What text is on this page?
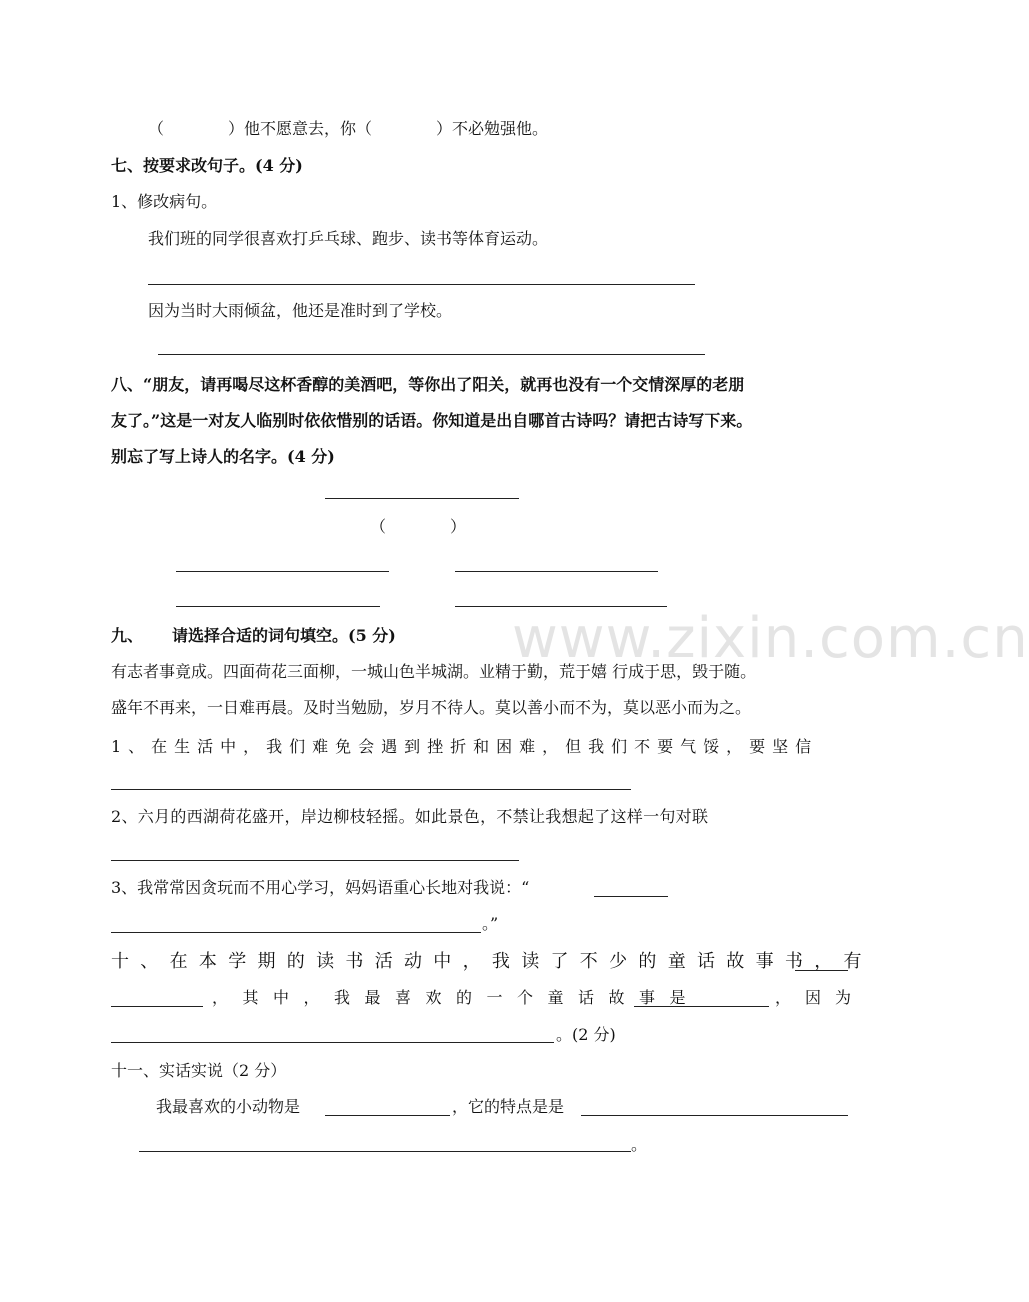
（　　　　）他不愿意去，你（　　　　）不必勉强他。
七、按要求改句子。(4 分)
1、修改病句。
我们班的同学很喜欢打乒乓球、跑步、读书等体育运动。
因为当时大雨倾盆，他还是准时到了学校。
八、“朋友，请再喝尽这杯香醇的美酒吧，等你出了阳关，就再也没有一个交情深厚的老朋
友了。”这是一对友人临别时依依惜别的话语。你知道是出自哪首古诗吗？请把古诗写下来。
别忘了写上诗人的名字。(4 分)
（　　　　）
www.zixin.com.cn
九、 请选择合适的词句填空。(5 分)
有志者事竟成。四面荷花三面柳，一城山色半城湖。业精于勤，荒于嬉 行成于思，毁于随。
盛年不再来，一日难再晨。及时当勉励，岁月不待人。莫以善小而不为，莫以恶小而为之。
1、在生活中，我们难免会遇到挫折和困难，但我们不要气馁，要坚信
2、六月的西湖荷花盛开，岸边柳枝轻摇。如此景色，不禁让我想起了这样一句对联
3、我常常因贪玩而不用心学习，妈妈语重心长地对我说：“
。”
十、在本学期的读书活动中，我读了不少的童话故事书，有
，其中，我最喜欢的一个童话故事是	，因为
。(2 分)
十一、实话实说（2 分）
我最喜欢的小动物是	，它的特点是是
。
